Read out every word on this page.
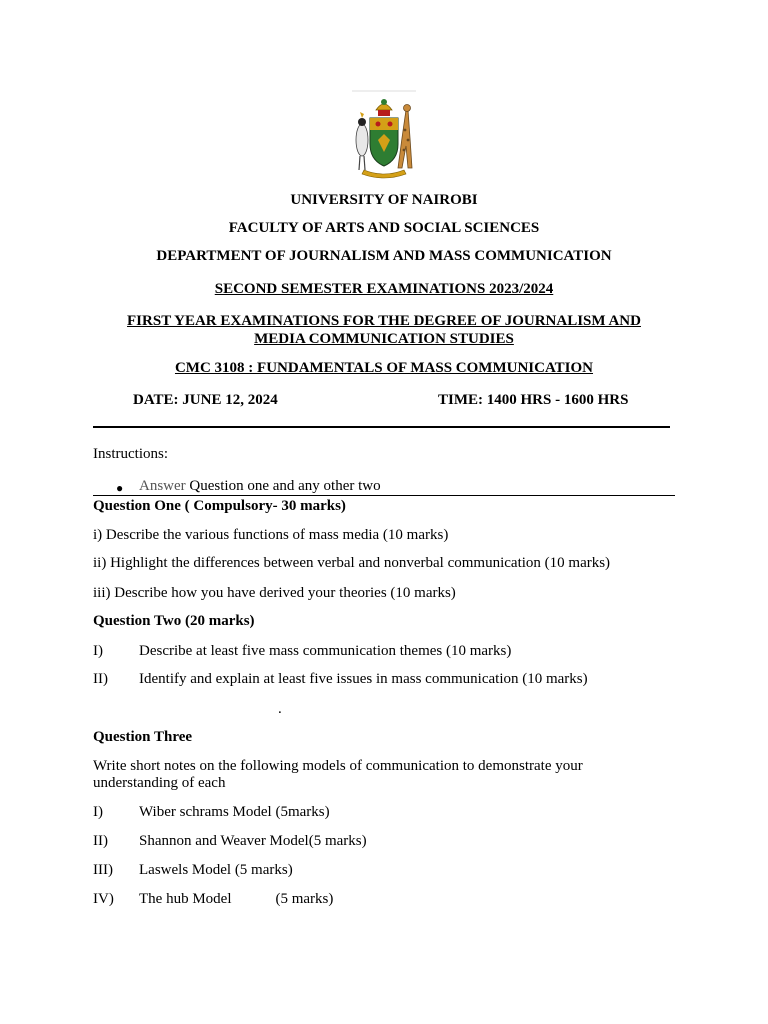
UNIVERSITY OF NAIROBI
FACULTY OF ARTS AND SOCIAL SCIENCES
DEPARTMENT OF JOURNALISM AND MASS COMMUNICATION
SECOND SEMESTER EXAMINATIONS 2023/2024
FIRST YEAR EXAMINATIONS FOR THE DEGREE OF JOURNALISM AND
MEDIA COMMUNICATION STUDIES
CMC 3108 : FUNDAMENTALS OF MASS COMMUNICATION
DATE: JUNE 12, 2024	TIME: 1400 HRS - 1600 HRS
Instructions:
● Answer Question one and any other two
Question One ( Compulsory- 30 marks)
i) Describe the various functions of mass media (10 marks)
ii) Highlight the differences between verbal and nonverbal communication (10 marks)
iii) Describe how you have derived your theories (10 marks)
Question Two (20 marks)
I) Describe at least five mass communication themes (10 marks)
II) Identify and explain at least five issues in mass communication (10 marks)
.
Question Three
Write short notes on the following models of communication to demonstrate your
understanding of each
I) Wiber schrams Model (5marks)
II) Shannon and Weaver Model(5 marks)
III) Laswels Model (5 marks)
IV) The hub Model	(5 marks)
